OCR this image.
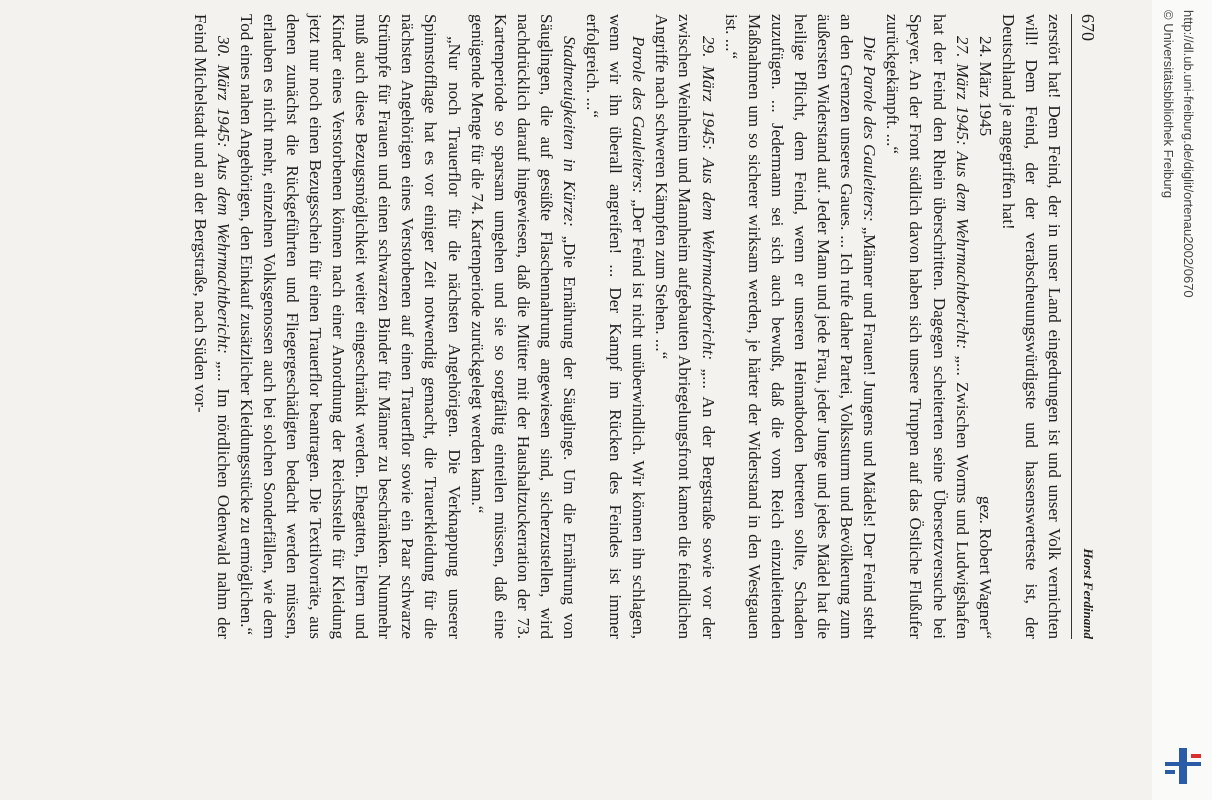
670
Horst Ferdinand

zerstört hat! Dem Feind, der in unser Land eingedrungen ist und unser Volk vernichten will! Dem Feind, der der verabscheuungswürdigste und hassenswerteste ist, der Deutschland je angegriffen hat!

24. März 1945
gez. Robert Wagner“

27. März 1945: Aus dem Wehrmachtbericht: „... Zwischen Worms und Ludwigshafen hat der Feind den Rhein überschritten. Dagegen scheiterten seine Übersetzversuche bei Speyer. An der Front südlich davon haben sich unsere Truppen auf das Östliche Flußufer zurückgekämpft. ...“

Die Parole des Gauleiters: „Männer und Frauen! Jungens und Mädels! Der Feind steht an den Grenzen unseres Gaues. ... Ich rufe daher Partei, Volkssturm und Bevölkerung zum äußersten Widerstand auf. Jeder Mann und jede Frau, jeder Junge und jedes Mädel hat die heilige Pflicht, dem Feind, wenn er unseren Heimatboden betreten sollte, Schaden zuzufügen. ... Jedermann sei sich auch bewußt, daß die vom Reich einzuleitenden Maßnahmen um so sicherer wirksam werden, je härter der Widerstand in den Westgauen ist. ...“

29. März 1945: Aus dem Wehrmachtbericht: „... An der Bergstraße sowie vor der zwischen Weinheim und Mannheim aufgebauten Abriegelungsfront kamen die feindlichen Angriffe nach schweren Kämpfen zum Stehen. ...“

Parole des Gauleiters: „Der Feind ist nicht unüberwindlich. Wir können ihn schlagen, wenn wir ihn überall angreifen! ... Der Kampf im Rücken des Feindes ist immer erfolgreich. ...“

Stadtneuigkeiten in Kürze: „Die Ernährung der Säuglinge. Um die Ernährung von Säuglingen, die auf gesüßte Flaschennahrung angewiesen sind, sicherzustellen, wird nachdrücklich darauf hingewiesen, daß die Mütter mit der Haushaltzuckerration der 73. Kartenperiode so sparsam umgehen und sie so sorgfältig einteilen müssen, daß eine genügende Menge für die 74. Kartenperiode zurückgelegt werden kann.“

„Nur noch Trauerflor für die nächsten Angehörigen. Die Verknappung unserer Spinnstofflage hat es vor einiger Zeit notwendig gemacht, die Trauerkleidung für die nächsten Angehörigen eines Verstorbenen auf einen Trauerflor sowie ein Paar schwarze Strümpfe für Frauen und einen schwarzen Binder für Männer zu beschränken. Nunmehr muß auch diese Bezugsmöglichkeit weiter eingeschränkt werden. Ehegatten, Eltern und Kinder eines Verstorbenen können nach einer Anordnung der Reichsstelle für Kleidung jetzt nur noch einen Bezugsschein für einen Trauerflor beantragen. Die Textilvorräte, aus denen zunächst die Rückgeführten und Fliegergeschädigten bedacht werden müssen, erlauben es nicht mehr, einzelnen Volksgenossen auch bei solchen Sonderfällen, wie dem Tod eines nahen Angehörigen, den Einkauf zusätzlicher Kleidungsstücke zu ermöglichen.“

30. März 1945: Aus dem Wehrmachtbericht: „... Im nördlichen Odenwald nahm der Feind Michelstadt und an der Bergstraße, nach Süden vor-	http://dl.ub.uni-freiburg.de/diglit/ortenau2002/0670
© Universitätsbibliothek Freiburg
